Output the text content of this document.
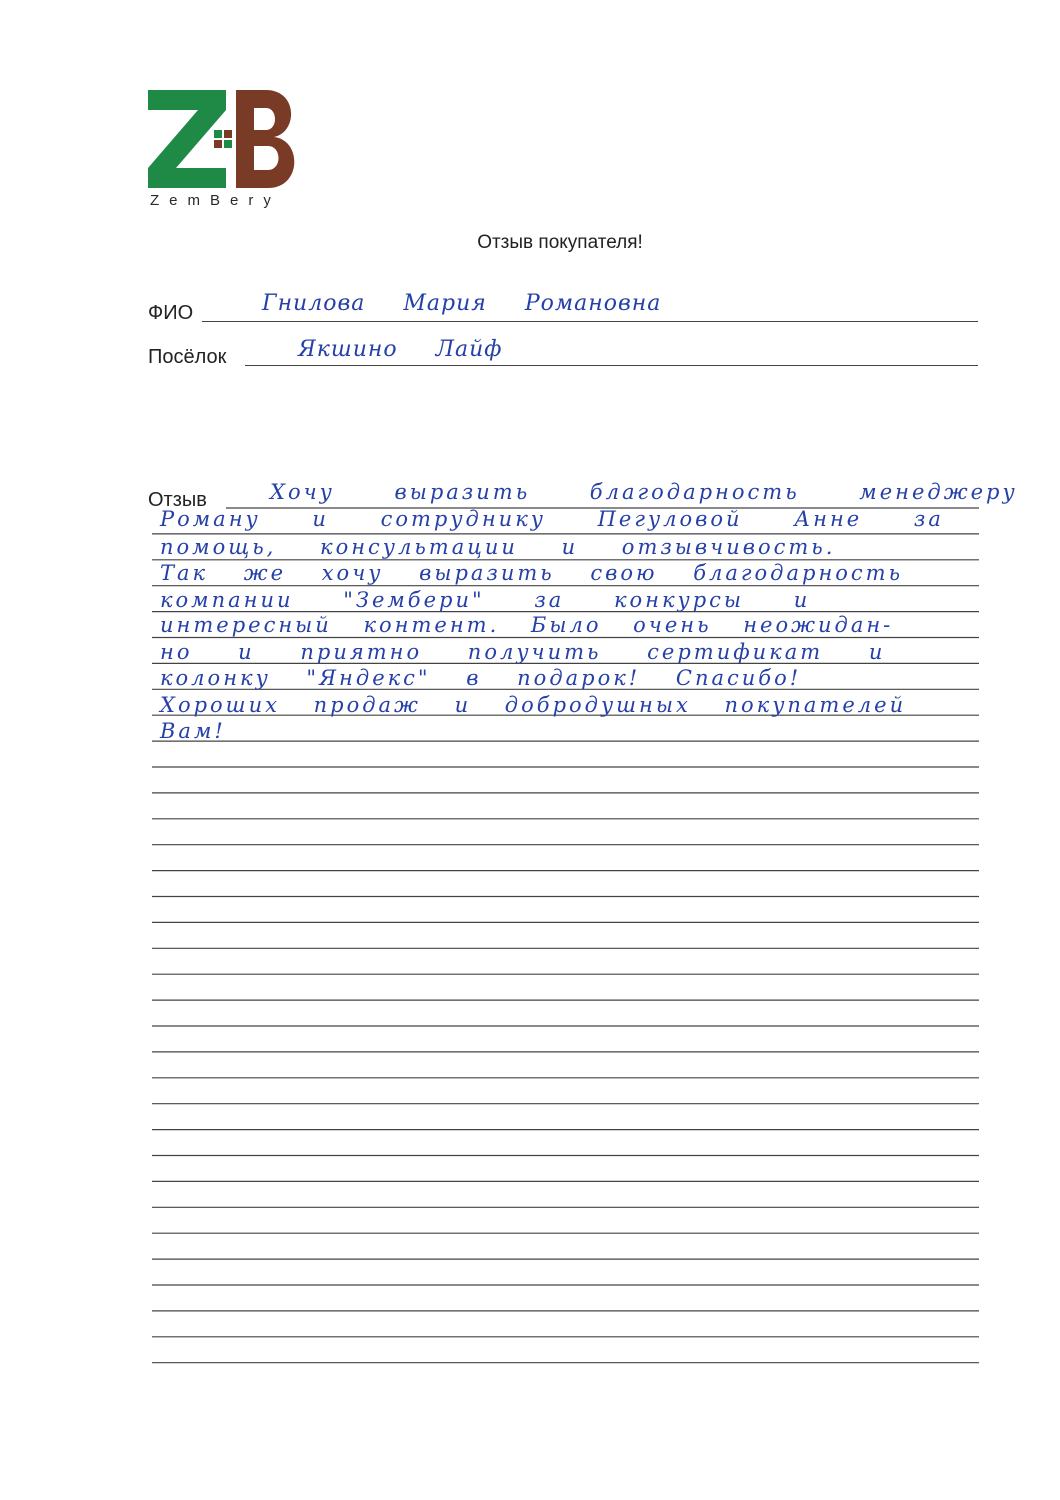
ZemBery
Отзыв покупателя!
ФИО	Гнилова Мария Романовна
Посёлок	Якшино Лайф
Отзыв	Хочу выразить благодарность менеджеру
Роману и сотруднику Пегуловой Анне за
помощь, консультации и отзывчивость.
Так же хочу выразить свою благодарность
компании "Зембери" за конкурсы и
интересный контент. Было очень неожидан-
но и приятно получить сертификат и
колонку "Яндекс" в подарок! Спасибо!
Хороших продаж и добродушных покупателей
Вам!
